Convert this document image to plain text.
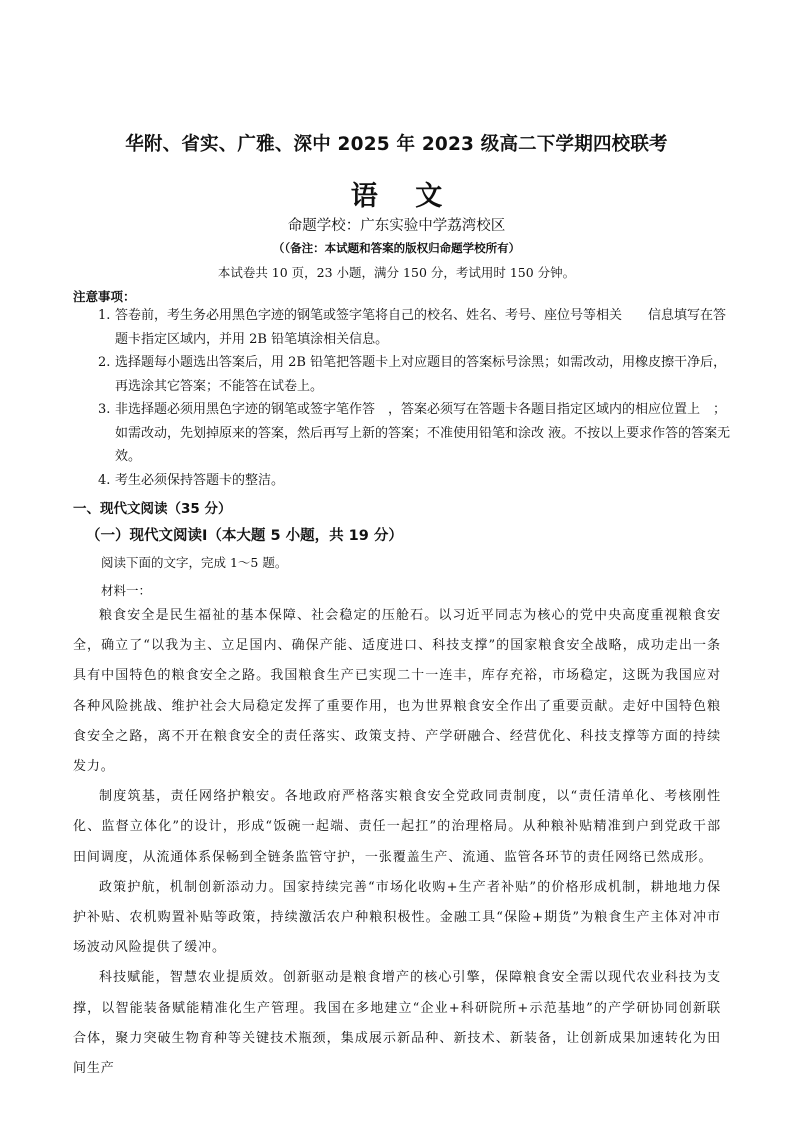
华附、省实、广雅、深中 2025 年 2023 级高二下学期四校联考
语 文
命题学校：广东实验中学荔湾校区
（（备注：本试题和答案的版权归命题学校所有）
本试卷共 10 页，23 小题，满分 150 分，考试用时 150 分钟。
注意事项：
1. 答卷前，考生务必用黑色字迹的钢笔或签字笔将自己的校名、姓名、考号、座位号等相关　　信息填写在答题卡指定区域内，并用 2B 铅笔填涂相关信息。
2. 选择题每小题选出答案后，用 2B 铅笔把答题卡上对应题目的答案标号涂黑；如需改动，用橡皮擦干净后，再选涂其它答案；不能答在试卷上。
3. 非选择题必须用黑色字迹的钢笔或签字笔作答　，答案必须写在答题卡各题目指定区域内的相应位置上　；如需改动，先划掉原来的答案，然后再写上新的答案；不准使用铅笔和涂改 液。不按以上要求作答的答案无效。
4. 考生必须保持答题卡的整洁。
一、现代文阅读（35 分）
（一）现代文阅读Ⅰ（本大题 5 小题，共 19 分）
阅读下面的文字，完成 1～5 题。
材料一：

粮食安全是民生福祉的基本保障、社会稳定的压舱石。以习近平同志为核心的党中央高度重视粮食安全，确立了“以我为主、立足国内、确保产能、适度进口、科技支撑”的国家粮食安全战略，成功走出一条具有中国特色的粮食安全之路。我国粮食生产已实现二十一连丰，库存充裕，市场稳定，这既为我国应对各种风险挑战、维护社会大局稳定发挥了重要作用，也为世界粮食安全作出了重要贡献。走好中国特色粮食安全之路，离不开在粮食安全的责任落实、政策支持、产学研融合、经营优化、科技支撑等方面的持续发力。

制度筑基，责任网络护粮安。各地政府严格落实粮食安全党政同责制度，以“责任清单化、考核刚性化、监督立体化”的设计，形成“饭碗一起端、责任一起扛”的治理格局。从种粮补贴精准到户到党政干部田间调度，从流通体系保畅到全链条监管守护，一张覆盖生产、流通、监管各环节的责任网络已然成形。

政策护航，机制创新添动力。国家持续完善“市场化收购+生产者补贴”的价格形成机制，耕地地力保护补贴、农机购置补贴等政策，持续激活农户种粮积极性。金融工具“保险+期货”为粮食生产主体对冲市场波动风险提供了缓冲。

科技赋能，智慧农业提质效。创新驱动是粮食增产的核心引擎，保障粮食安全需以现代农业科技为支撑，以智能装备赋能精准化生产管理。我国在多地建立“企业+科研院所+示范基地”的产学研协同创新联合体，聚力突破生物育种等关键技术瓶颈，集成展示新品种、新技术、新装备，让创新成果加速转化为田间生产
